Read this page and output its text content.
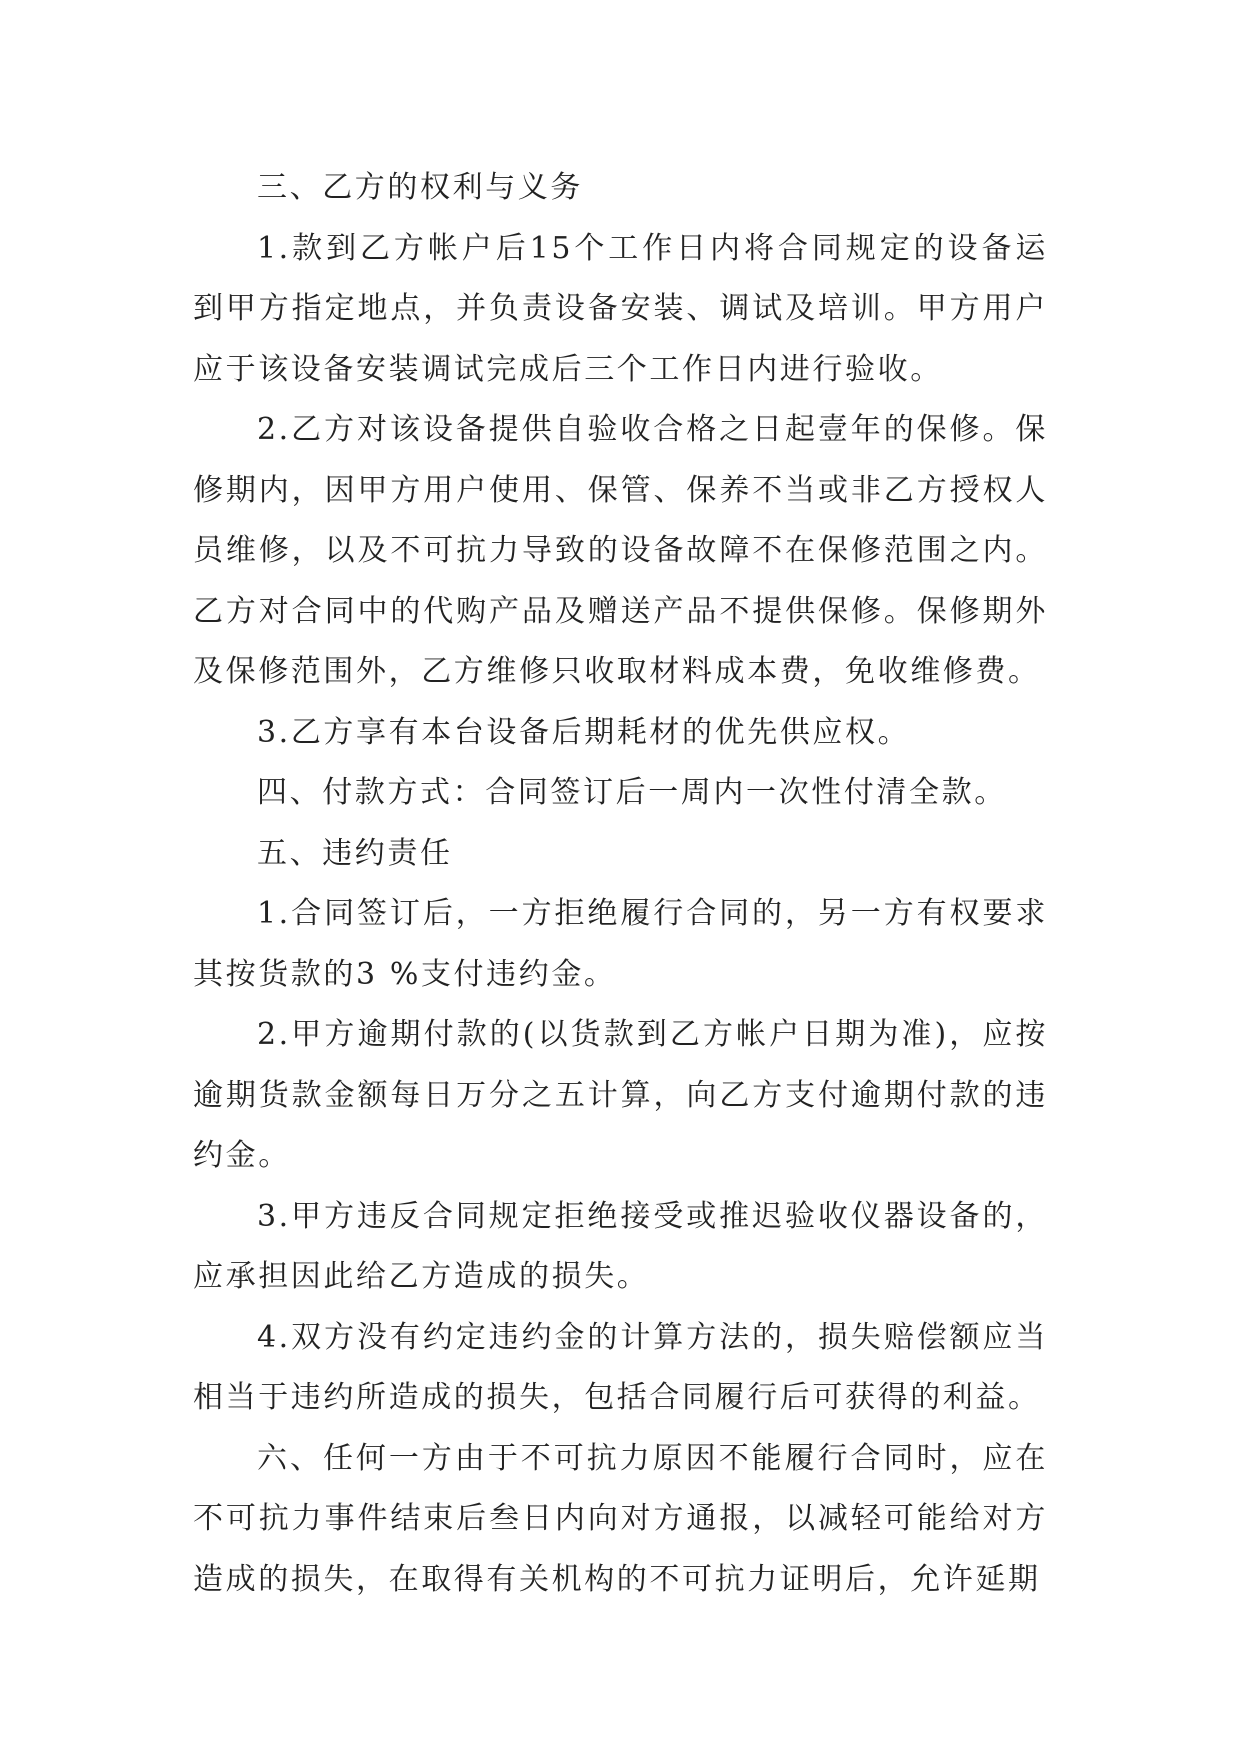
三、乙方的权利与义务

1.款到乙方帐户后15个工作日内将合同规定的设备运到甲方指定地点，并负责设备安装、调试及培训。甲方用户应于该设备安装调试完成后三个工作日内进行验收。

2.乙方对该设备提供自验收合格之日起壹年的保修。保修期内，因甲方用户使用、保管、保养不当或非乙方授权人员维修，以及不可抗力导致的设备故障不在保修范围之内。乙方对合同中的代购产品及赠送产品不提供保修。保修期外及保修范围外，乙方维修只收取材料成本费，免收维修费。

3.乙方享有本台设备后期耗材的优先供应权。

四、付款方式：合同签订后一周内一次性付清全款。

五、违约责任

1.合同签订后，一方拒绝履行合同的，另一方有权要求其按货款的3 %支付违约金。

2.甲方逾期付款的(以货款到乙方帐户日期为准)，应按逾期货款金额每日万分之五计算，向乙方支付逾期付款的违约金。

3.甲方违反合同规定拒绝接受或推迟验收仪器设备的，应承担因此给乙方造成的损失。

4.双方没有约定违约金的计算方法的，损失赔偿额应当相当于违约所造成的损失，包括合同履行后可获得的利益。

六、任何一方由于不可抗力原因不能履行合同时，应在不可抗力事件结束后叁日内向对方通报，以减轻可能给对方造成的损失，在取得有关机构的不可抗力证明后，允许延期
